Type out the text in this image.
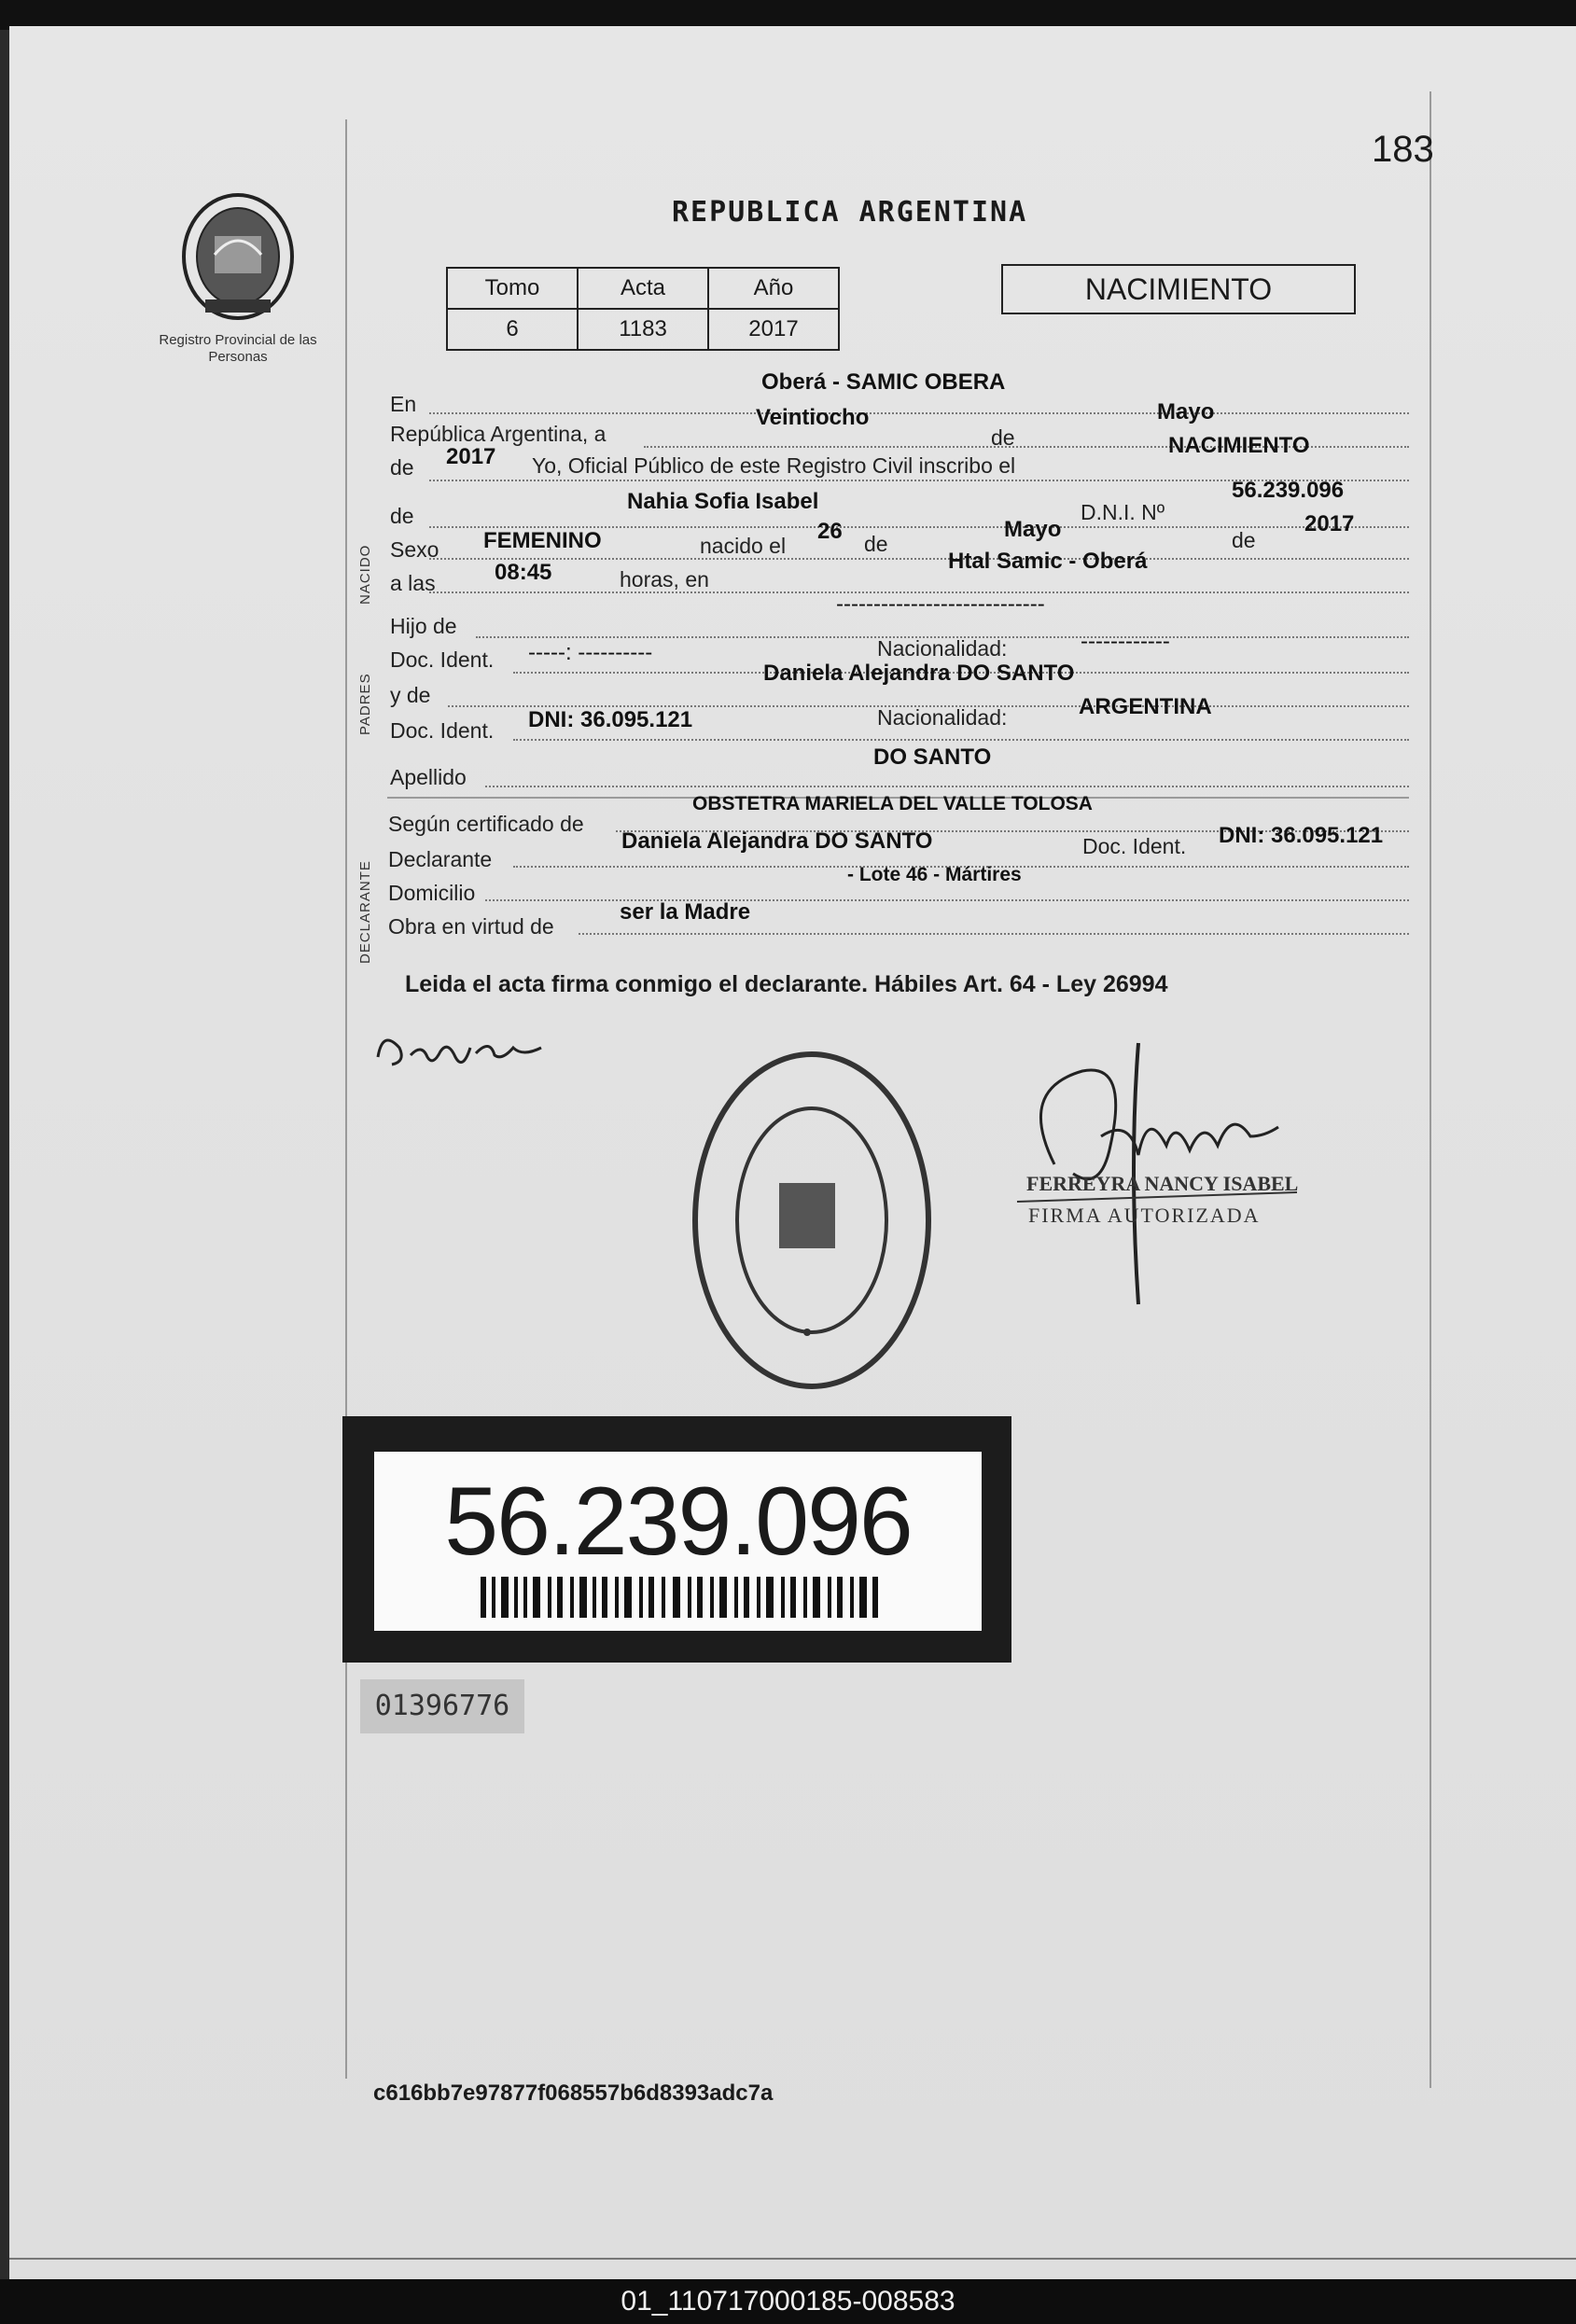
183
Registro Provincial de las Personas
REPUBLICA ARGENTINA
Tomo	Acta	Año
6	1183	2017
NACIMIENTO
NACIDO
PADRES
DECLARANTE
En
Oberá - SAMIC OBERA
República Argentina, a
Veintiocho
de
Mayo
de 2017 Yo, Oficial Público de este Registro Civil inscribo el
NACIMIENTO
de
Nahia Sofia Isabel	D.N.I. Nº
56.239.096
Sexo FEMENINO	nacido el
26 de
Mayo	de
2017
a las	08:45	horas, en
Htal Samic - Oberá
Hijo de
----------------------------
Doc. Ident. -----: ----------	Nacionalidad:	------------
y de
Daniela Alejandra DO SANTO
Doc. Ident. DNI: 36.095.121	Nacionalidad:	ARGENTINA
Apellido
DO SANTO
Según certificado de
OBSTETRA MARIELA DEL VALLE TOLOSA
Declarante
Daniela Alejandra DO SANTO	Doc. Ident. DNI: 36.095.121
Domicilio
- Lote 46 - Mártires
Obra en virtud de
ser la Madre
Leida el acta firma conmigo el declarante. Hábiles Art. 64 - Ley 26994
FERREYRA NANCY ISABEL
FIRMA AUTORIZADA
56.239.096
01396776
c616bb7e97877f068557b6d8393adc7a
01_110717000185-008583
